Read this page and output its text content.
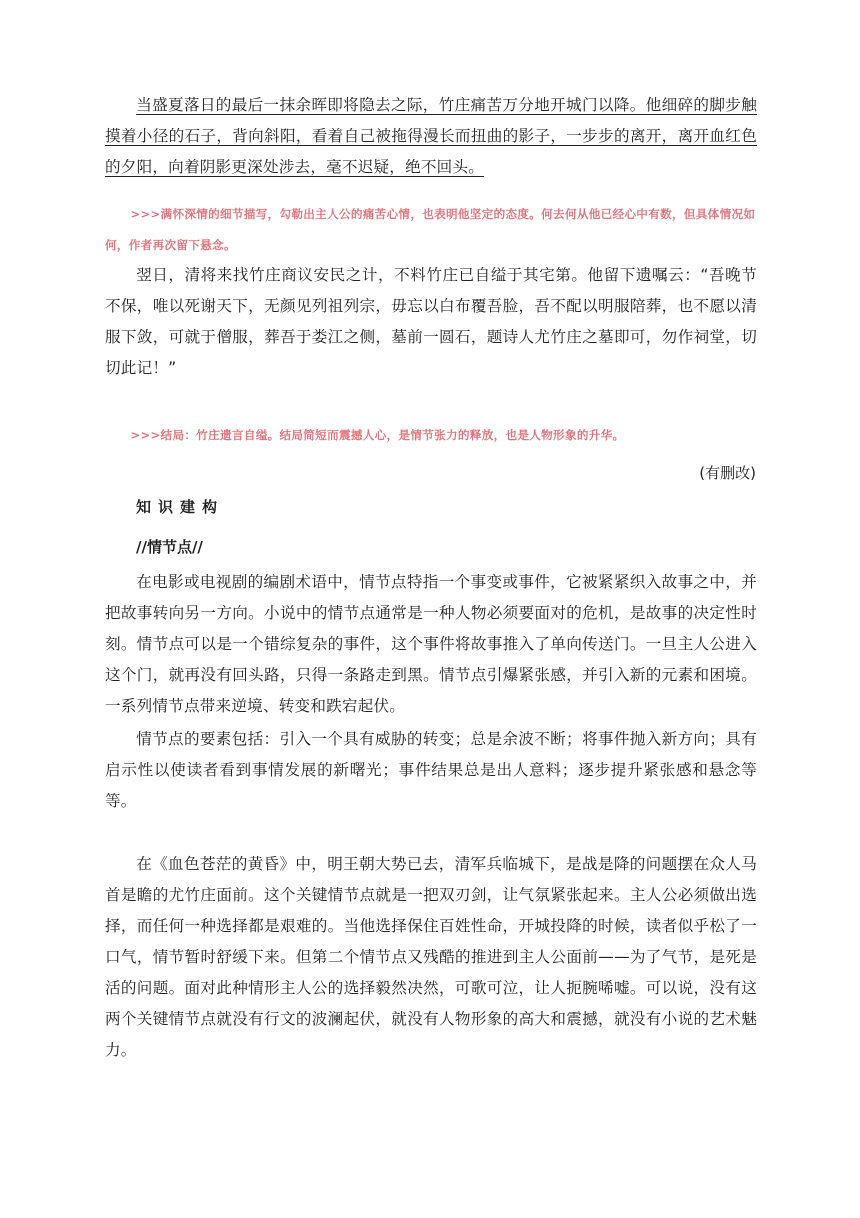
当盛夏落日的最后一抹余晖即将隐去之际，竹庄痛苦万分地开城门以降。他细碎的脚步触摸着小径的石子，背向斜阳，看着自己被拖得漫长而扭曲的影子，一步步的离开，离开血红色的夕阳，向着阴影更深处涉去，毫不迟疑，绝不回头。

>>>满怀深情的细节描写，勾勒出主人公的痛苦心情，也表明他坚定的态度。何去何从他已经心中有数，但具体情况如何，作者再次留下悬念。

翌日，清将来找竹庄商议安民之计，不料竹庄已自缢于其宅第。他留下遗嘱云：“吾晚节不保，唯以死谢天下，无颜见列祖列宗，毋忘以白布覆吾脸，吾不配以明服陪葬，也不愿以清服下敛，可就于僧服，葬吾于娄江之侧，墓前一圆石，题诗人尤竹庄之墓即可，勿作祠堂，切切此记！”

>>>结局：竹庄遗言自缢。结局简短而震撼人心，是情节张力的释放，也是人物形象的升华。

(有删改)

知识建构

//情节点//

在电影或电视剧的编剧术语中，情节点特指一个事变或事件，它被紧紧织入故事之中，并把故事转向另一方向。小说中的情节点通常是一种人物必须要面对的危机，是故事的决定性时刻。情节点可以是一个错综复杂的事件，这个事件将故事推入了单向传送门。一旦主人公进入这个门，就再没有回头路，只得一条路走到黑。情节点引爆紧张感，并引入新的元素和困境。一系列情节点带来逆境、转变和跌宕起伏。

情节点的要素包括：引入一个具有威胁的转变；总是余波不断；将事件抛入新方向；具有启示性以使读者看到事情发展的新曙光；事件结果总是出人意料；逐步提升紧张感和悬念等等。

在《血色苍茫的黄昏》中，明王朝大势已去，清军兵临城下，是战是降的问题摆在众人马首是瞻的尤竹庄面前。这个关键情节点就是一把双刃剑，让气氛紧张起来。主人公必须做出选择，而任何一种选择都是艰难的。当他选择保住百姓性命，开城投降的时候，读者似乎松了一口气，情节暂时舒缓下来。但第二个情节点又残酷的推进到主人公面前——为了气节，是死是活的问题。面对此种情形主人公的选择毅然决然，可歌可泣，让人扼腕唏嘘。可以说，没有这两个关键情节点就没有行文的波澜起伏，就没有人物形象的高大和震撼，就没有小说的艺术魅力。
